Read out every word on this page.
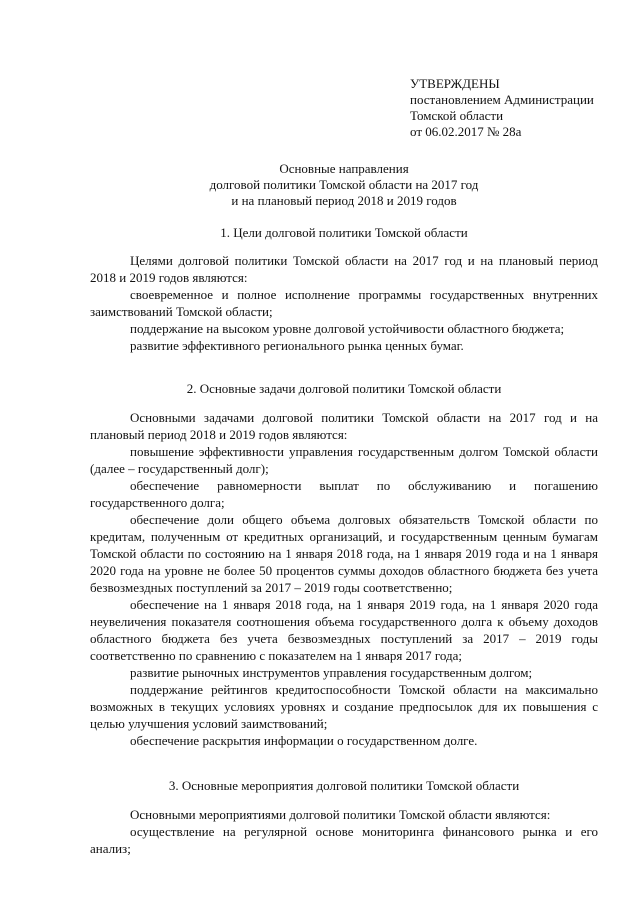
УТВЕРЖДЕНЫ
постановлением Администрации
Томской области
от 06.02.2017 № 28а
Основные направления
долговой политики Томской области на 2017 год
и на плановый период 2018 и 2019 годов
1. Цели долговой политики Томской области

Целями долговой политики Томской области на 2017 год и на плановый период 2018 и 2019 годов являются:

своевременное и полное исполнение программы государственных внутренних заимствований Томской области;

поддержание на высоком уровне долговой устойчивости областного бюджета;

развитие эффективного регионального рынка ценных бумаг.

2. Основные задачи долговой политики Томской области

Основными задачами долговой политики Томской области на 2017 год и на плановый период 2018 и 2019 годов являются:

повышение эффективности управления государственным долгом Томской области (далее – государственный долг);

обеспечение равномерности выплат по обслуживанию и погашению государственного долга;

обеспечение доли общего объема долговых обязательств Томской области по кредитам, полученным от кредитных организаций, и государственным ценным бумагам Томской области по состоянию на 1 января 2018 года, на 1 января 2019 года и на 1 января 2020 года на уровне не более 50 процентов суммы доходов областного бюджета без учета безвозмездных поступлений за 2017 – 2019 годы соответственно;

обеспечение на 1 января 2018 года, на 1 января 2019 года, на 1 января 2020 года неувеличения показателя соотношения объема государственного долга к объему доходов областного бюджета без учета безвозмездных поступлений за 2017 – 2019 годы соответственно по сравнению с показателем на 1 января 2017 года;

развитие рыночных инструментов управления государственным долгом;

поддержание рейтингов кредитоспособности Томской области на максимально возможных в текущих условиях уровнях и создание предпосылок для их повышения с целью улучшения условий заимствований;

обеспечение раскрытия информации о государственном долге.

3. Основные мероприятия долговой политики Томской области

Основными мероприятиями долговой политики Томской области являются:

осуществление на регулярной основе мониторинга финансового рынка и его анализ;
